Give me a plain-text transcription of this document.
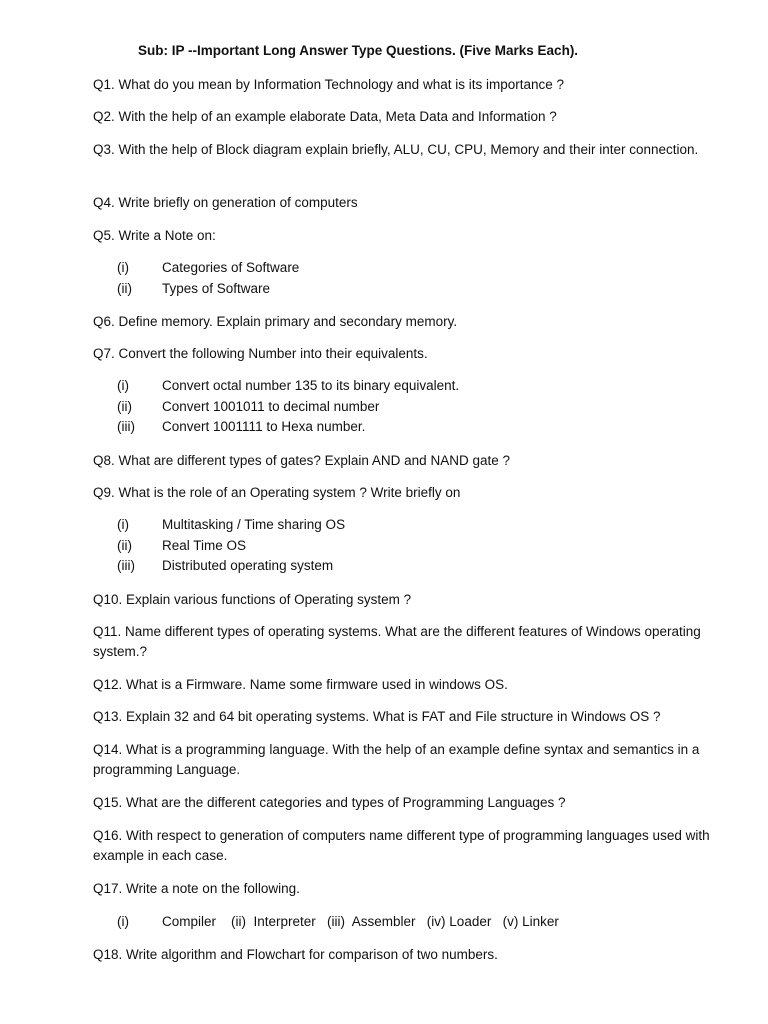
Sub: IP --Important Long Answer Type Questions. (Five Marks Each).

Q1. What do you mean by Information Technology and what is its importance ?

Q2. With the help of an example elaborate Data, Meta Data and Information ?

Q3. With the help of Block diagram explain briefly, ALU, CU, CPU, Memory and their inter connection.

Q4. Write briefly on generation of computers

Q5. Write a Note on:

(i) Categories of Software
(ii) Types of Software

Q6. Define memory. Explain primary and secondary memory.

Q7. Convert the following Number into their equivalents.

(i) Convert octal number 135 to its binary equivalent.
(ii) Convert 1001011 to decimal number
(iii) Convert 1001111 to Hexa number.

Q8. What are different types of gates? Explain AND and NAND gate ?

Q9. What is the role of an Operating system ? Write briefly on

(i) Multitasking / Time sharing OS
(ii) Real Time OS
(iii) Distributed operating system

Q10. Explain various functions of Operating system ?

Q11. Name different types of operating systems. What are the different features of Windows operating system.?

Q12. What is a Firmware. Name some firmware used in windows OS.

Q13. Explain 32 and 64 bit operating systems. What is FAT and File structure in Windows OS ?

Q14. What is a programming language. With the help of an example define syntax and semantics in a programming Language.

Q15. What are the different categories and types of Programming Languages ?

Q16. With respect to generation of computers name different type of programming languages used with example in each case.

Q17. Write a note on the following.

(i) Compiler    (ii)  Interpreter   (iii)  Assembler   (iv) Loader   (v) Linker

Q18. Write algorithm and Flowchart for comparison of two numbers.
